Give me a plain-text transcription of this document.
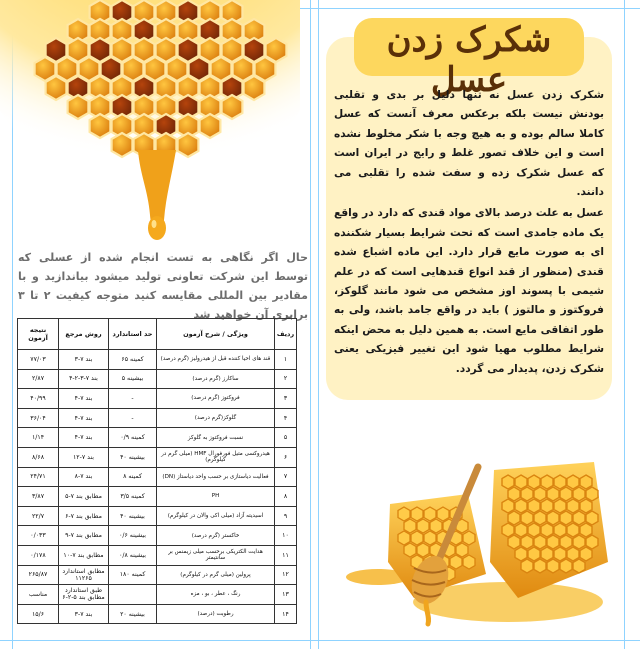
شکرک زدن عسل

شکرک زدن عسل نه تنها دلیل بر بدی و تقلبی بودنش نیست بلکه برعکس معرف آنست که عسل کاملا سالم بوده و به هیچ وجه با شکر مخلوط نشده است و این خلاف تصور غلط و رایج در ایران است که عسل شکرک زده و سفت شده را تقلبی می دانند.

عسل به علت درصد بالای مواد قندی که دارد در واقع یک ماده جامدی است که تحت شرایط بسیار شکننده ای به صورت مایع قرار دارد. این ماده اشباع شده قندی (منظور از قند انواع قندهایی است که در علم شیمی با پسوند اوز مشخص می شود مانند گلوکز، فروکتوز و مالتوز ) باید در واقع جامد باشد، ولی به طور اتفاقی مایع است. به همین دلیل به محض اینکه شرایط مطلوب مهیا شود این تغییر فیزیکی یعنی شکرک زدن، پدیدار می گردد.

حال اگر نگاهی به تست انجام شده از عسلی که توسط این شرکت تعاونی تولید میشود بیاندازید و با مقادیر بین المللی مقایسه کنید متوجه کیفیت ۲ تا ۳ برابری آن خواهید شد
ردیف	ویژگی / شرح آزمون	حد استاندارد	روش مرجع	نتیجه آزمون
۱	قند های احیا کننده قبل از هیدرولیز (گرم درصد)	کمینه ۶۵	بند ۷-۳	۷۷/۰۳
۲	ساکارز (گرم درصد)	بیشینه ۵	بند ۷-۳-۲-۴	۲/۸۷
۳	فروکتوز (گرم درصد)	-	بند ۷-۴	۴۰/۹۹
۴	گلوکز(گرم درصد)	-	بند ۷-۴	۳۶/۰۴
۵	نسبت فروکتوز به گلوکز	کمینه ۰/۹	بند ۷-۴	۱/۱۴
۶	هیدروکسی متیل فورفورال HMF (میلی گرم در کیلوگرم)	بیشینه ۴۰	بند ۷-۱۲	۸/۶۸
۷	فعالیت دیاستازی بر حسب واحد دیاستاز (DN)	کمینه ۸	بند ۷-۸	۲۴/۷۱
۸	PH	کمینه ۳/۵	مطابق بند ۷-۵	۳/۸۷
۹	اسیدیته آزاد (میلی اکی والان در کیلوگرم)	بیشینه ۴۰	مطابق بند ۷-۶	۲۲/۷
۱۰	خاکستر (گرم درصد)	بیشینه ۰/۶	مطابق بند ۷-۹	۰/۰۳۳
۱۱	هدایت الکتریکی برحسب میلی زیمنس بر سانتیمتر	بیشینه ۰/۸	مطابق بند ۷-۱۰	۰/۱۷۸
۱۲	پرولین (میلی گرم در کیلوگرم)	کمینه ۱۸۰	مطابق استاندارد ۱۱۲۶۵	۲۶۵/۸۷
۱۳	رنگ ، عطر ، بو ، مزه		طبق استاندارد مطابق بند ۵-۲-۶	مناسب
۱۴	رطوبت (درصد)	بیشینه ۲۰	بند ۷-۳	۱۵/۶
